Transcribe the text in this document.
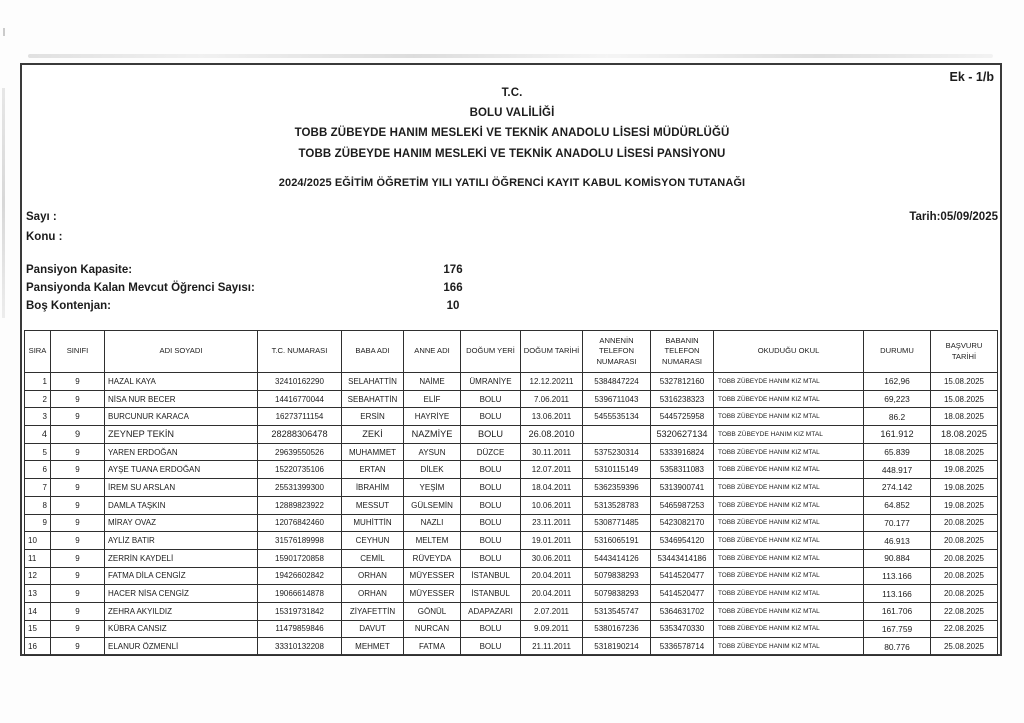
Ek - 1/b
T.C.
BOLU VALİLİĞİ
TOBB ZÜBEYDE HANIM MESLEKİ VE TEKNİK ANADOLU LİSESİ MÜDÜRLÜĞÜ
TOBB ZÜBEYDE HANIM MESLEKİ VE TEKNİK ANADOLU LİSESİ PANSİYONU
2024/2025 EĞİTİM ÖĞRETİM YILI YATILI ÖĞRENCİ KAYIT KABUL KOMİSYON TUTANAĞI
Sayı :
Konu :
Tarih:05/09/2025
Pansiyon Kapasite:	176
Pansiyonda Kalan Mevcut Öğrenci Sayısı:	166
Boş Kontenjan:	10
SIRA	SINIFI	ADI SOYADI	T.C. NUMARASI	BABA ADI	ANNE ADI	DOĞUM YERİ	DOĞUM TARİHİ	ANNENİN TELEFON NUMARASI	BABANIN TELEFON NUMARASI	OKUDUĞU OKUL	DURUMU	BAŞVURU TARİHİ
1	9	HAZAL KAYA	32410162290	SELAHATTİN	NAİME	ÜMRANİYE	12.12.20211	5384847224	5327812160	TOBB ZÜBEYDE HANIM KIZ MTAL	162,96	15.08.2025
2	9	NİSA NUR BECER	14416770044	SEBAHATTİN	ELİF	BOLU	7.06.2011	5396711043	5316238323	TOBB ZÜBEYDE HANIM KIZ MTAL	69,223	15.08.2025
3	9	BURCUNUR KARACA	16273711154	ERSİN	HAYRİYE	BOLU	13.06.2011	5455535134	5445725958	TOBB ZÜBEYDE HANIM KIZ MTAL	86.2	18.08.2025
4	9	ZEYNEP TEKİN	28288306478	ZEKİ	NAZMİYE	BOLU	26.08.2010		5320627134	TOBB ZÜBEYDE HANIM KIZ MTAL	161.912	18.08.2025
5	9	YAREN ERDOĞAN	29639550526	MUHAMMET	AYSUN	DÜZCE	30.11.2011	5375230314	5333916824	TOBB ZÜBEYDE HANIM KIZ MTAL	65.839	18.08.2025
6	9	AYŞE TUANA ERDOĞAN	15220735106	ERTAN	DİLEK	BOLU	12.07.2011	5310115149	5358311083	TOBB ZÜBEYDE HANIM KIZ MTAL	448.917	19.08.2025
7	9	İREM SU ARSLAN	25531399300	İBRAHİM	YEŞİM	BOLU	18.04.2011	5362359396	5313900741	TOBB ZÜBEYDE HANIM KIZ MTAL	274.142	19.08.2025
8	9	DAMLA TAŞKIN	12889823922	MESSUT	GÜLSEMİN	BOLU	10.06.2011	5313528783	5465987253	TOBB ZÜBEYDE HANIM KIZ MTAL	64.852	19.08.2025
9	9	MİRAY OVAZ	12076842460	MUHİTTİN	NAZLI	BOLU	23.11.2011	5308771485	5423082170	TOBB ZÜBEYDE HANIM KIZ MTAL	70.177	20.08.2025
10	9	AYLİZ BATIR	31576189998	CEYHUN	MELTEM	BOLU	19.01.2011	5316065191	5346954120	TOBB ZÜBEYDE HANIM KIZ MTAL	46.913	20.08.2025
11	9	ZERRİN KAYDELİ	15901720858	CEMİL	RÜVEYDA	BOLU	30.06.2011	5443414126	53443414186	TOBB ZÜBEYDE HANIM KIZ MTAL	90.884	20.08.2025
12	9	FATMA DİLA CENGİZ	19426602842	ORHAN	MÜYESSER	İSTANBUL	20.04.2011	5079838293	5414520477	TOBB ZÜBEYDE HANIM KIZ MTAL	113.166	20.08.2025
13	9	HACER NİSA CENGİZ	19066614878	ORHAN	MÜYESSER	İSTANBUL	20.04.2011	5079838293	5414520477	TOBB ZÜBEYDE HANIM KIZ MTAL	113.166	20.08.2025
14	9	ZEHRA AKYILDIZ	15319731842	ZİYAFETTİN	GÖNÜL	ADAPAZARI	2.07.2011	5313545747	5364631702	TOBB ZÜBEYDE HANIM KIZ MTAL	161.706	22.08.2025
15	9	KÜBRA CANSIZ	11479859846	DAVUT	NURCAN	BOLU	9.09.2011	5380167236	5353470330	TOBB ZÜBEYDE HANIM KIZ MTAL	167.759	22.08.2025
16	9	ELANUR ÖZMENLİ	33310132208	MEHMET	FATMA	BOLU	21.11.2011	5318190214	5336578714	TOBB ZÜBEYDE HANIM KIZ MTAL	80.776	25.08.2025
